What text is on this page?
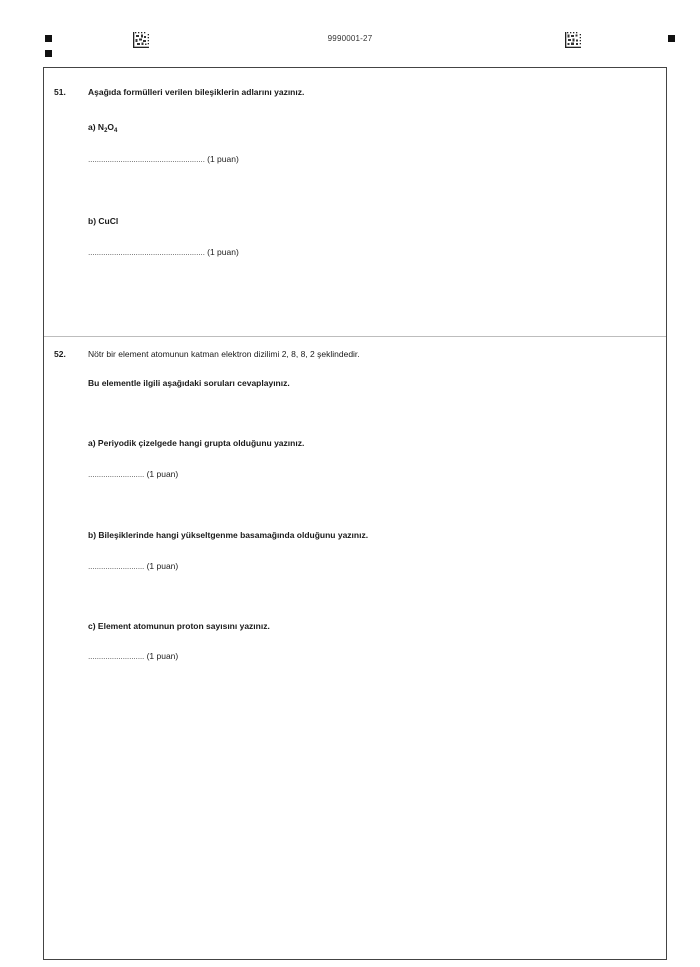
9990001-27
51.	Aşağıda formülleri verilen bileşiklerin adlarını yazınız.
a) $N_2O_4$
...................................................... (1 puan)
b) CuCl
...................................................... (1 puan)
52.	Nötr bir element atomunun katman elektron dizilimi 2, 8, 8, 2 şeklindedir.
Bu elementle ilgili aşağıdaki soruları cevaplayınız.
a) Periyodik çizelgede hangi grupta olduğunu yazınız.
.......................... (1 puan)
b) Bileşiklerinde hangi yükseltgenme basamağında olduğunu yazınız.
.......................... (1 puan)
c) Element atomunun proton sayısını yazınız.
.......................... (1 puan)
